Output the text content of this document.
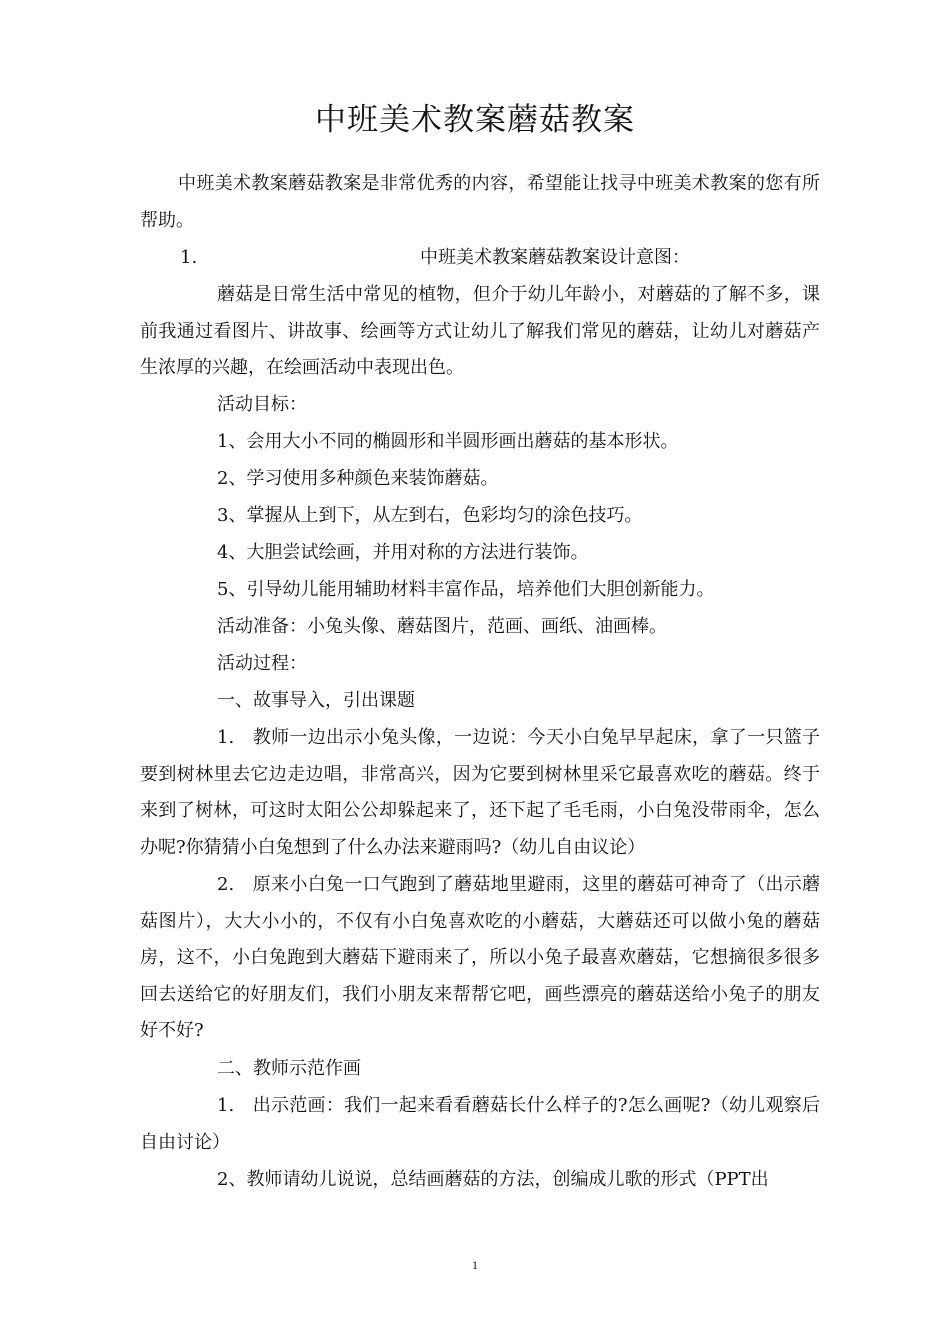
中班美术教案蘑菇教案
中班美术教案蘑菇教案是非常优秀的内容，希望能让找寻中班美术教案的您有所帮助。
1.	中班美术教案蘑菇教案设计意图：
蘑菇是日常生活中常见的植物，但介于幼儿年龄小，对蘑菇的了解不多，课前我通过看图片、讲故事、绘画等方式让幼儿了解我们常见的蘑菇，让幼儿对蘑菇产生浓厚的兴趣，在绘画活动中表现出色。
活动目标：
1、会用大小不同的椭圆形和半圆形画出蘑菇的基本形状。
2、学习使用多种颜色来装饰蘑菇。
3、掌握从上到下，从左到右，色彩均匀的涂色技巧。
4、大胆尝试绘画，并用对称的方法进行装饰。
5、引导幼儿能用辅助材料丰富作品，培养他们大胆创新能力。
活动准备：小兔头像、蘑菇图片，范画、画纸、油画棒。
活动过程：
一、故事导入，引出课题
1.　教师一边出示小兔头像，一边说：今天小白兔早早起床，拿了一只篮子要到树林里去它边走边唱，非常高兴，因为它要到树林里采它最喜欢吃的蘑菇。终于来到了树林，可这时太阳公公却躲起来了，还下起了毛毛雨，小白兔没带雨伞，怎么办呢?你猜猜小白兔想到了什么办法来避雨吗?（幼儿自由议论）
2.　原来小白兔一口气跑到了蘑菇地里避雨，这里的蘑菇可神奇了（出示蘑菇图片），大大小小的，不仅有小白兔喜欢吃的小蘑菇，大蘑菇还可以做小兔的蘑菇房，这不，小白兔跑到大蘑菇下避雨来了，所以小兔子最喜欢蘑菇，它想摘很多很多回去送给它的好朋友们，我们小朋友来帮帮它吧，画些漂亮的蘑菇送给小兔子的朋友好不好?
二、教师示范作画
1.　出示范画：我们一起来看看蘑菇长什么样子的?怎么画呢?（幼儿观察后自由讨论）
2、教师请幼儿说说，总结画蘑菇的方法，创编成儿歌的形式（PPT出
1
